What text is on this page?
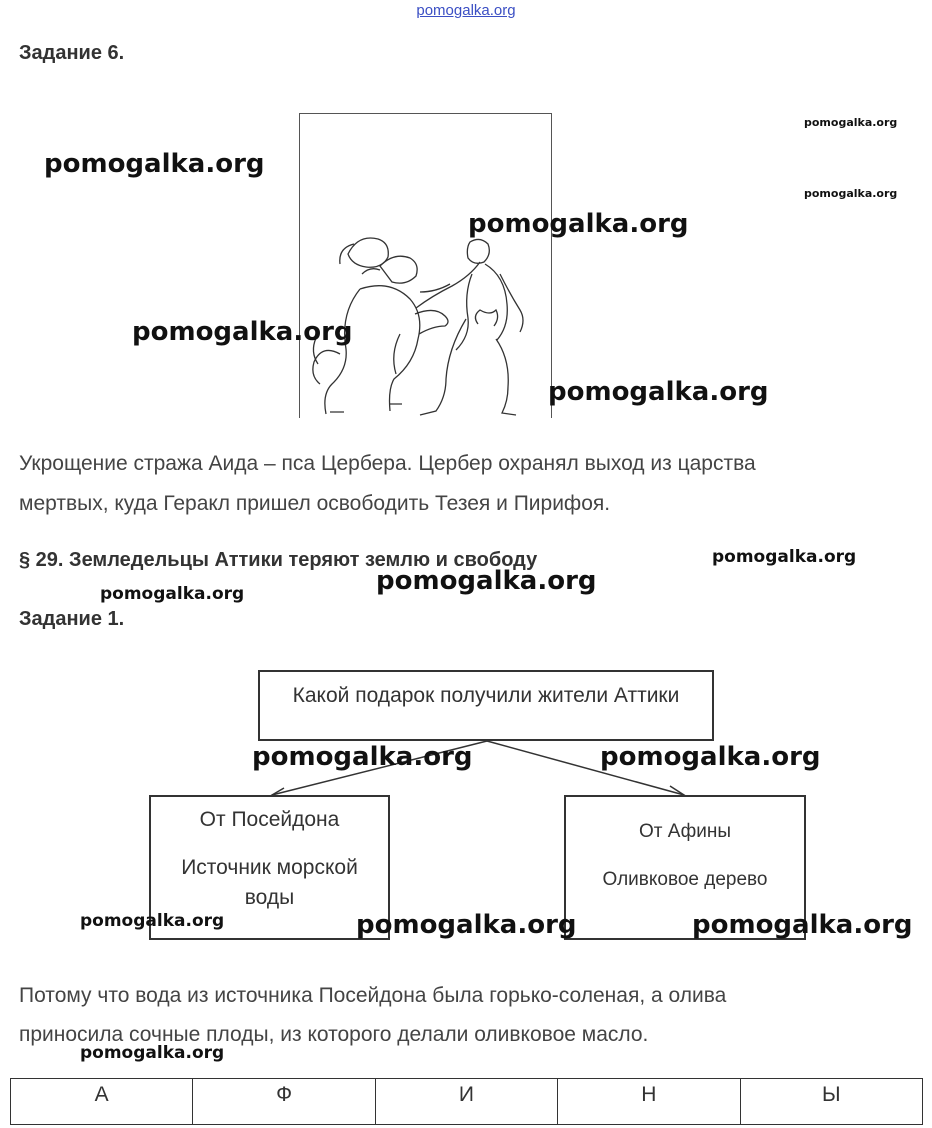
pomogalka.org
Задание 6.
Укрощение стража Аида – пса Цербера. Цербер охранял выход из царства
мертвых, куда Геракл пришел освободить Тезея и Пирифоя.
§ 29. Земледельцы Аттики теряют землю и свободу
Задание 1.
Какой подарок получили жители Аттики
От Посейдона
Источник морской воды
От Афины
Оливковое дерево
Потому что вода из источника Посейдона была горько-соленая, а олива
приносила сочные плоды, из которого делали оливковое масло.
А	Ф	И	Н	Ы
pomogalka.org
pomogalka.org
pomogalka.org
pomogalka.org
pomogalka.org
pomogalka.org
pomogalka.org
pomogalka.org
pomogalka.org
pomogalka.org	pomogalka.org
pomogalka.org	pomogalka.org	pomogalka.org
pomogalka.org
